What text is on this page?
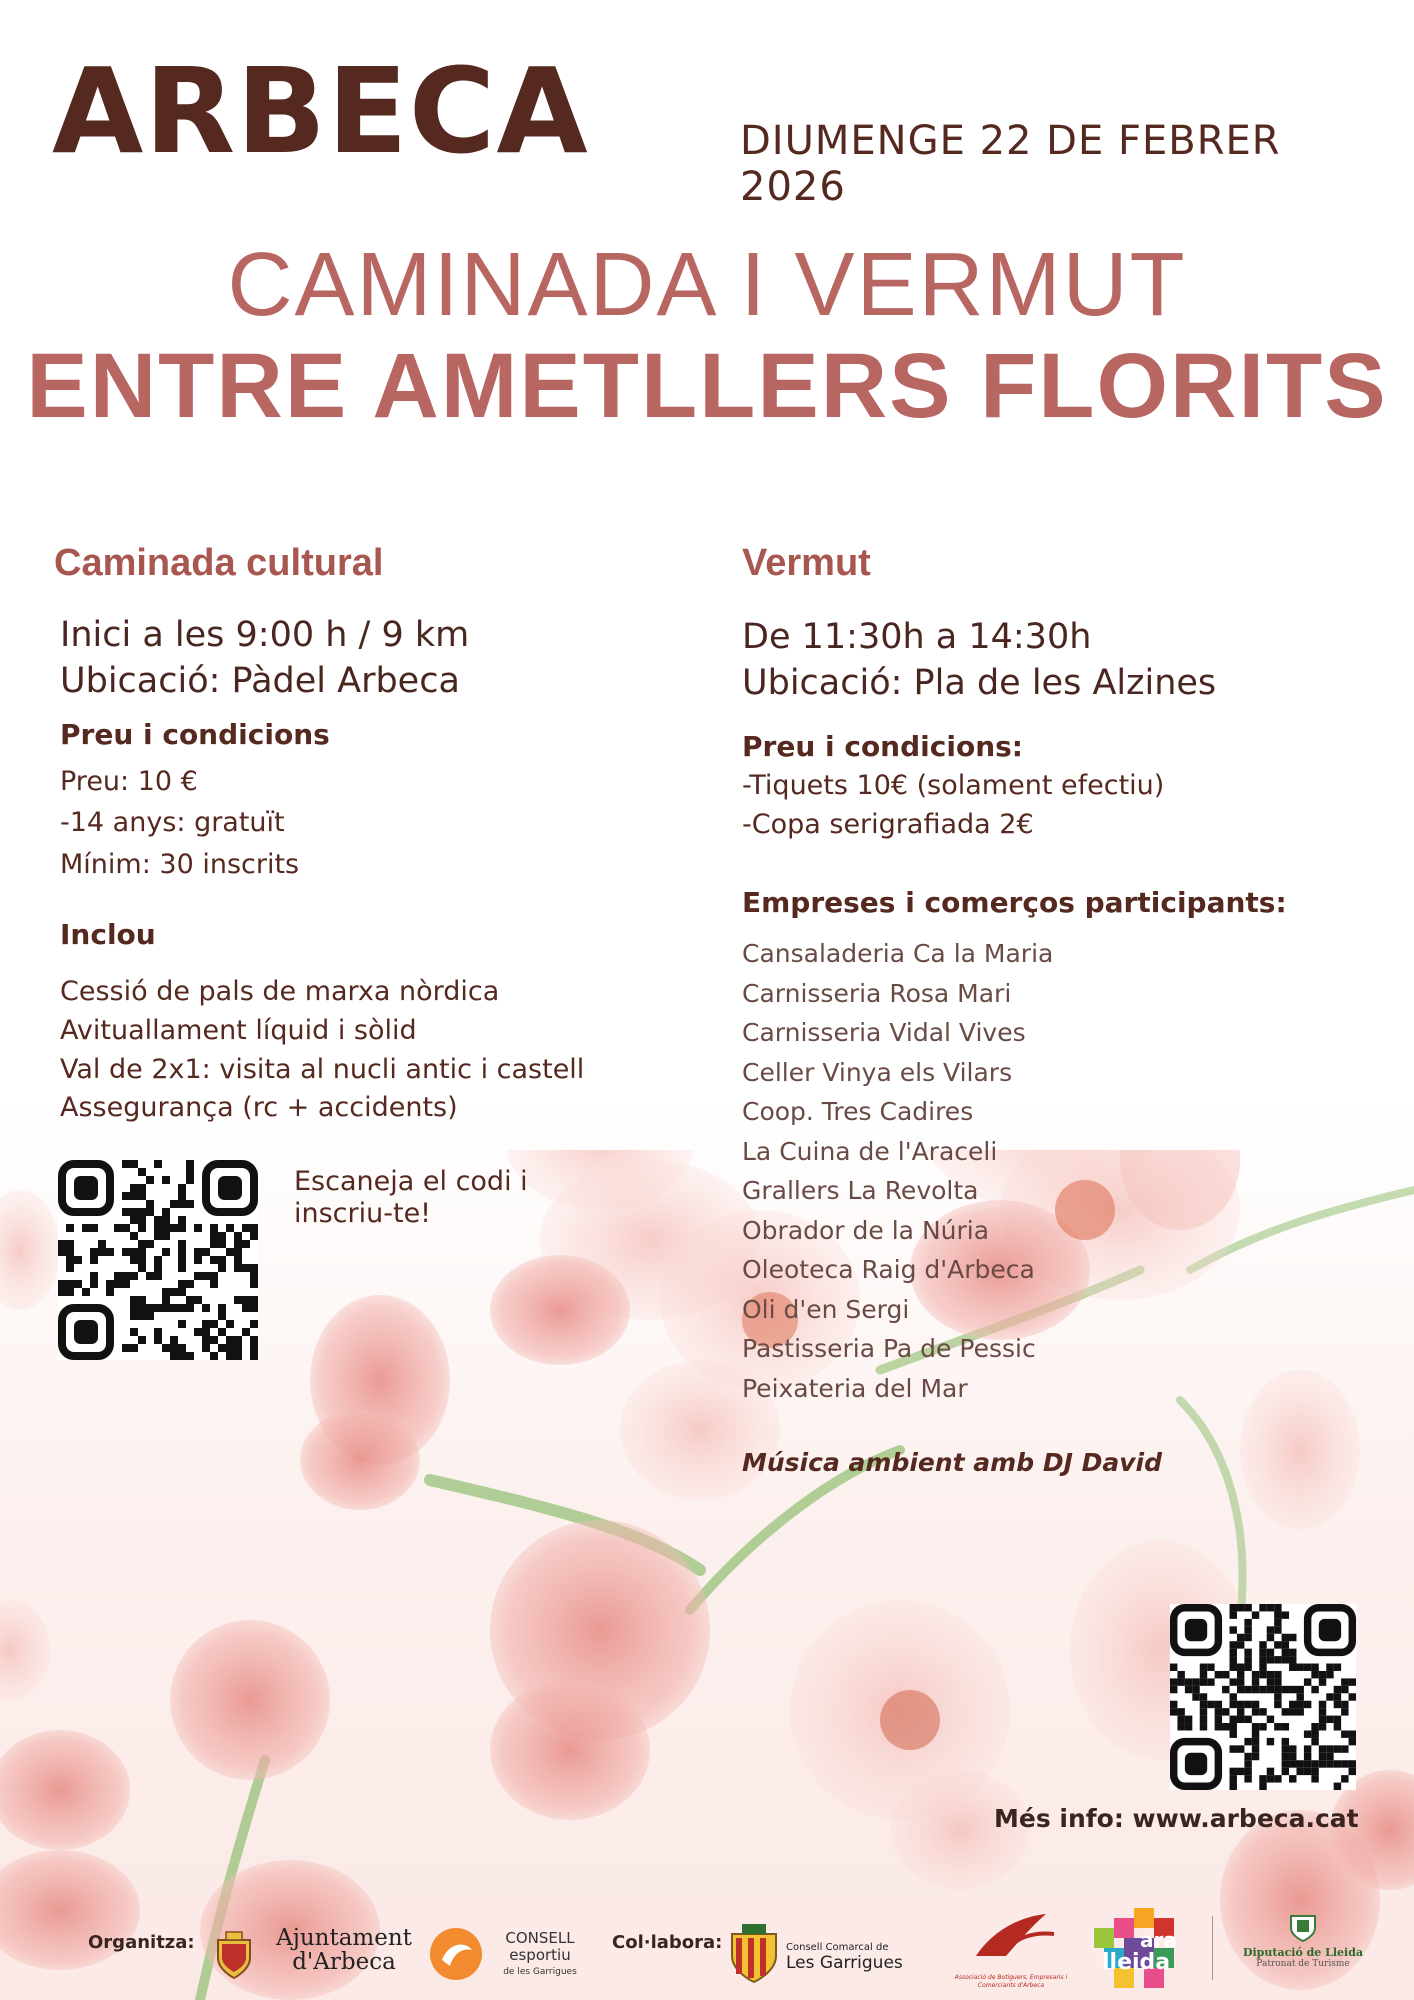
ARBECA	DIUMENGE 22 DE FEBRER 2026
CAMINADA I VERMUT
ENTRE AMETLLERS FLORITS
Caminada cultural
Inici a les 9:00 h / 9 km
Ubicació: Pàdel Arbeca
Preu i condicions
Preu: 10 €
-14 anys: gratuït
Mínim: 30 inscrits
Inclou
Cessió de pals de marxa nòrdica
Avituallament líquid i sòlid
Val de 2x1: visita al nucli antic i castell
Assegurança (rc + accidents)
Escaneja el codi i
inscriu-te!
Vermut
De 11:30h a 14:30h
Ubicació: Pla de les Alzines
Preu i condicions:
-Tiquets 10€ (solament efectiu)
-Copa serigrafiada 2€
Empreses i comerços participants:
Cansaladeria Ca la Maria
Carnisseria Rosa Mari
Carnisseria Vidal Vives
Celler Vinya els Vilars
Coop. Tres Cadires
La Cuina de l'Araceli
Grallers La Revolta
Obrador de la Núria
Oleoteca Raig d'Arbeca
Oli d'en Sergi
Pastisseria Pa de Pessic
Peixateria del Mar
Música ambient amb DJ David
Més info: www.arbeca.cat
Organitza:	Ajuntament
d'Arbeca
CONSELL
esportiu
de les Garrigues
Col·labora:	Consell Comarcal de
Les Garrigues
Associació de Botiguers, Empresaris i Comerciants d'Arbeca
ara
lleida	Diputació de Lleida
Patronat de Turisme
